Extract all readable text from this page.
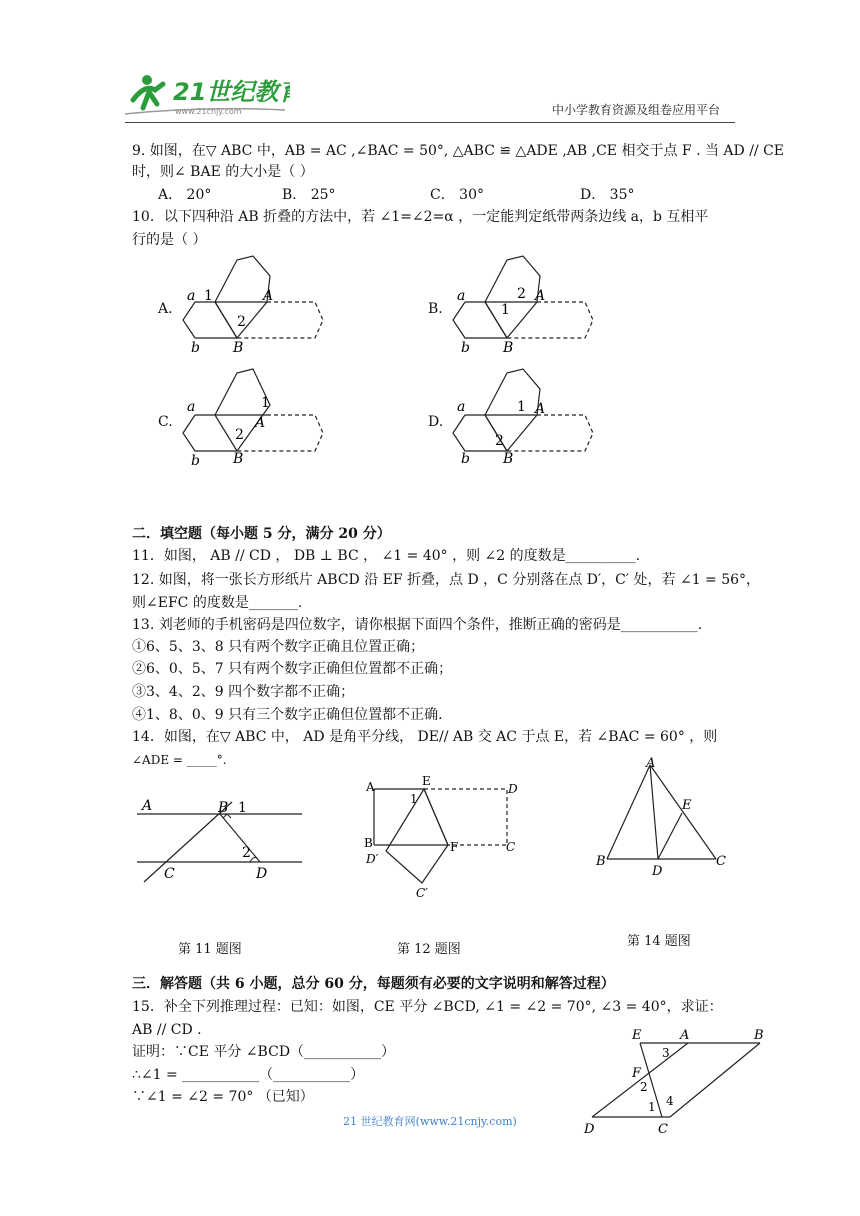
21世纪教育
www.21cnjy.com	中小学教育资源及组卷应用平台
9. 如图，在▽ ABC 中，AB = AC ,∠BAC = 50°, △ABC ≌ △ADE ,AB ,CE 相交于点 F . 当 AD // CE
时，则∠ BAE 的大小是（ ）
A． 20°	B． 25°	C． 30°	D． 35°
10．以下四种沿 AB 折叠的方法中，若 ∠1=∠2=α ，一定能判定纸带两条边线 a，b 互相平
行的是（ ）
A.	B.
C.	D.
a 1	A
2
b B
a	2 A
1
b B
a	1
A
2
b B
a	1 A
2
b B
二．填空题（每小题 5 分，满分 20 分）
11．如图， AB // CD ， DB ⊥ BC ， ∠1 = 40° ，则 ∠2 的度数是__________.
12. 如图，将一张长方形纸片 ABCD 沿 EF 折叠，点 D ，C 分别落在点 D′，C′ 处，若 ∠1 = 56°，
则∠EFC 的度数是_______.
13. 刘老师的手机密码是四位数字，请你根据下面四个条件，推断正确的密码是___________.
①6、5、3、8 只有两个数字正确且位置正确；
②6、0、5、7 只有两个数字正确但位置都不正确；
③3、4、2、9 四个数字都不正确；
④1、8、0、9 只有三个数字正确但位置都不正确.
14．如图，在▽ ABC 中， AD 是角平分线， DE// AB 交 AC 于点 E，若 ∠BAC = 60° ，则
∠ADE = _____°.
A	B 1
2
C	D
A	E
D
1
B	F	C
D′
C′
A
E
B
D
C
第 11 题图	第 12 题图
第 14 题图
三．解答题（共 6 小题，总分 60 分，每题须有必要的文字说明和解答过程）
15．补全下列推理过程：已知：如图，CE 平分 ∠BCD, ∠1 = ∠2 = 70°, ∠3 = 40°，求证：
AB // CD .
证明：∵CE 平分 ∠BCD（___________）
∴∠1 = ___________（___________）
∵∠1 = ∠2 = 70° （已知）
E	A	B
3
F
2
1 4
D	C
21 世纪教育网(www.21cnjy.com)
